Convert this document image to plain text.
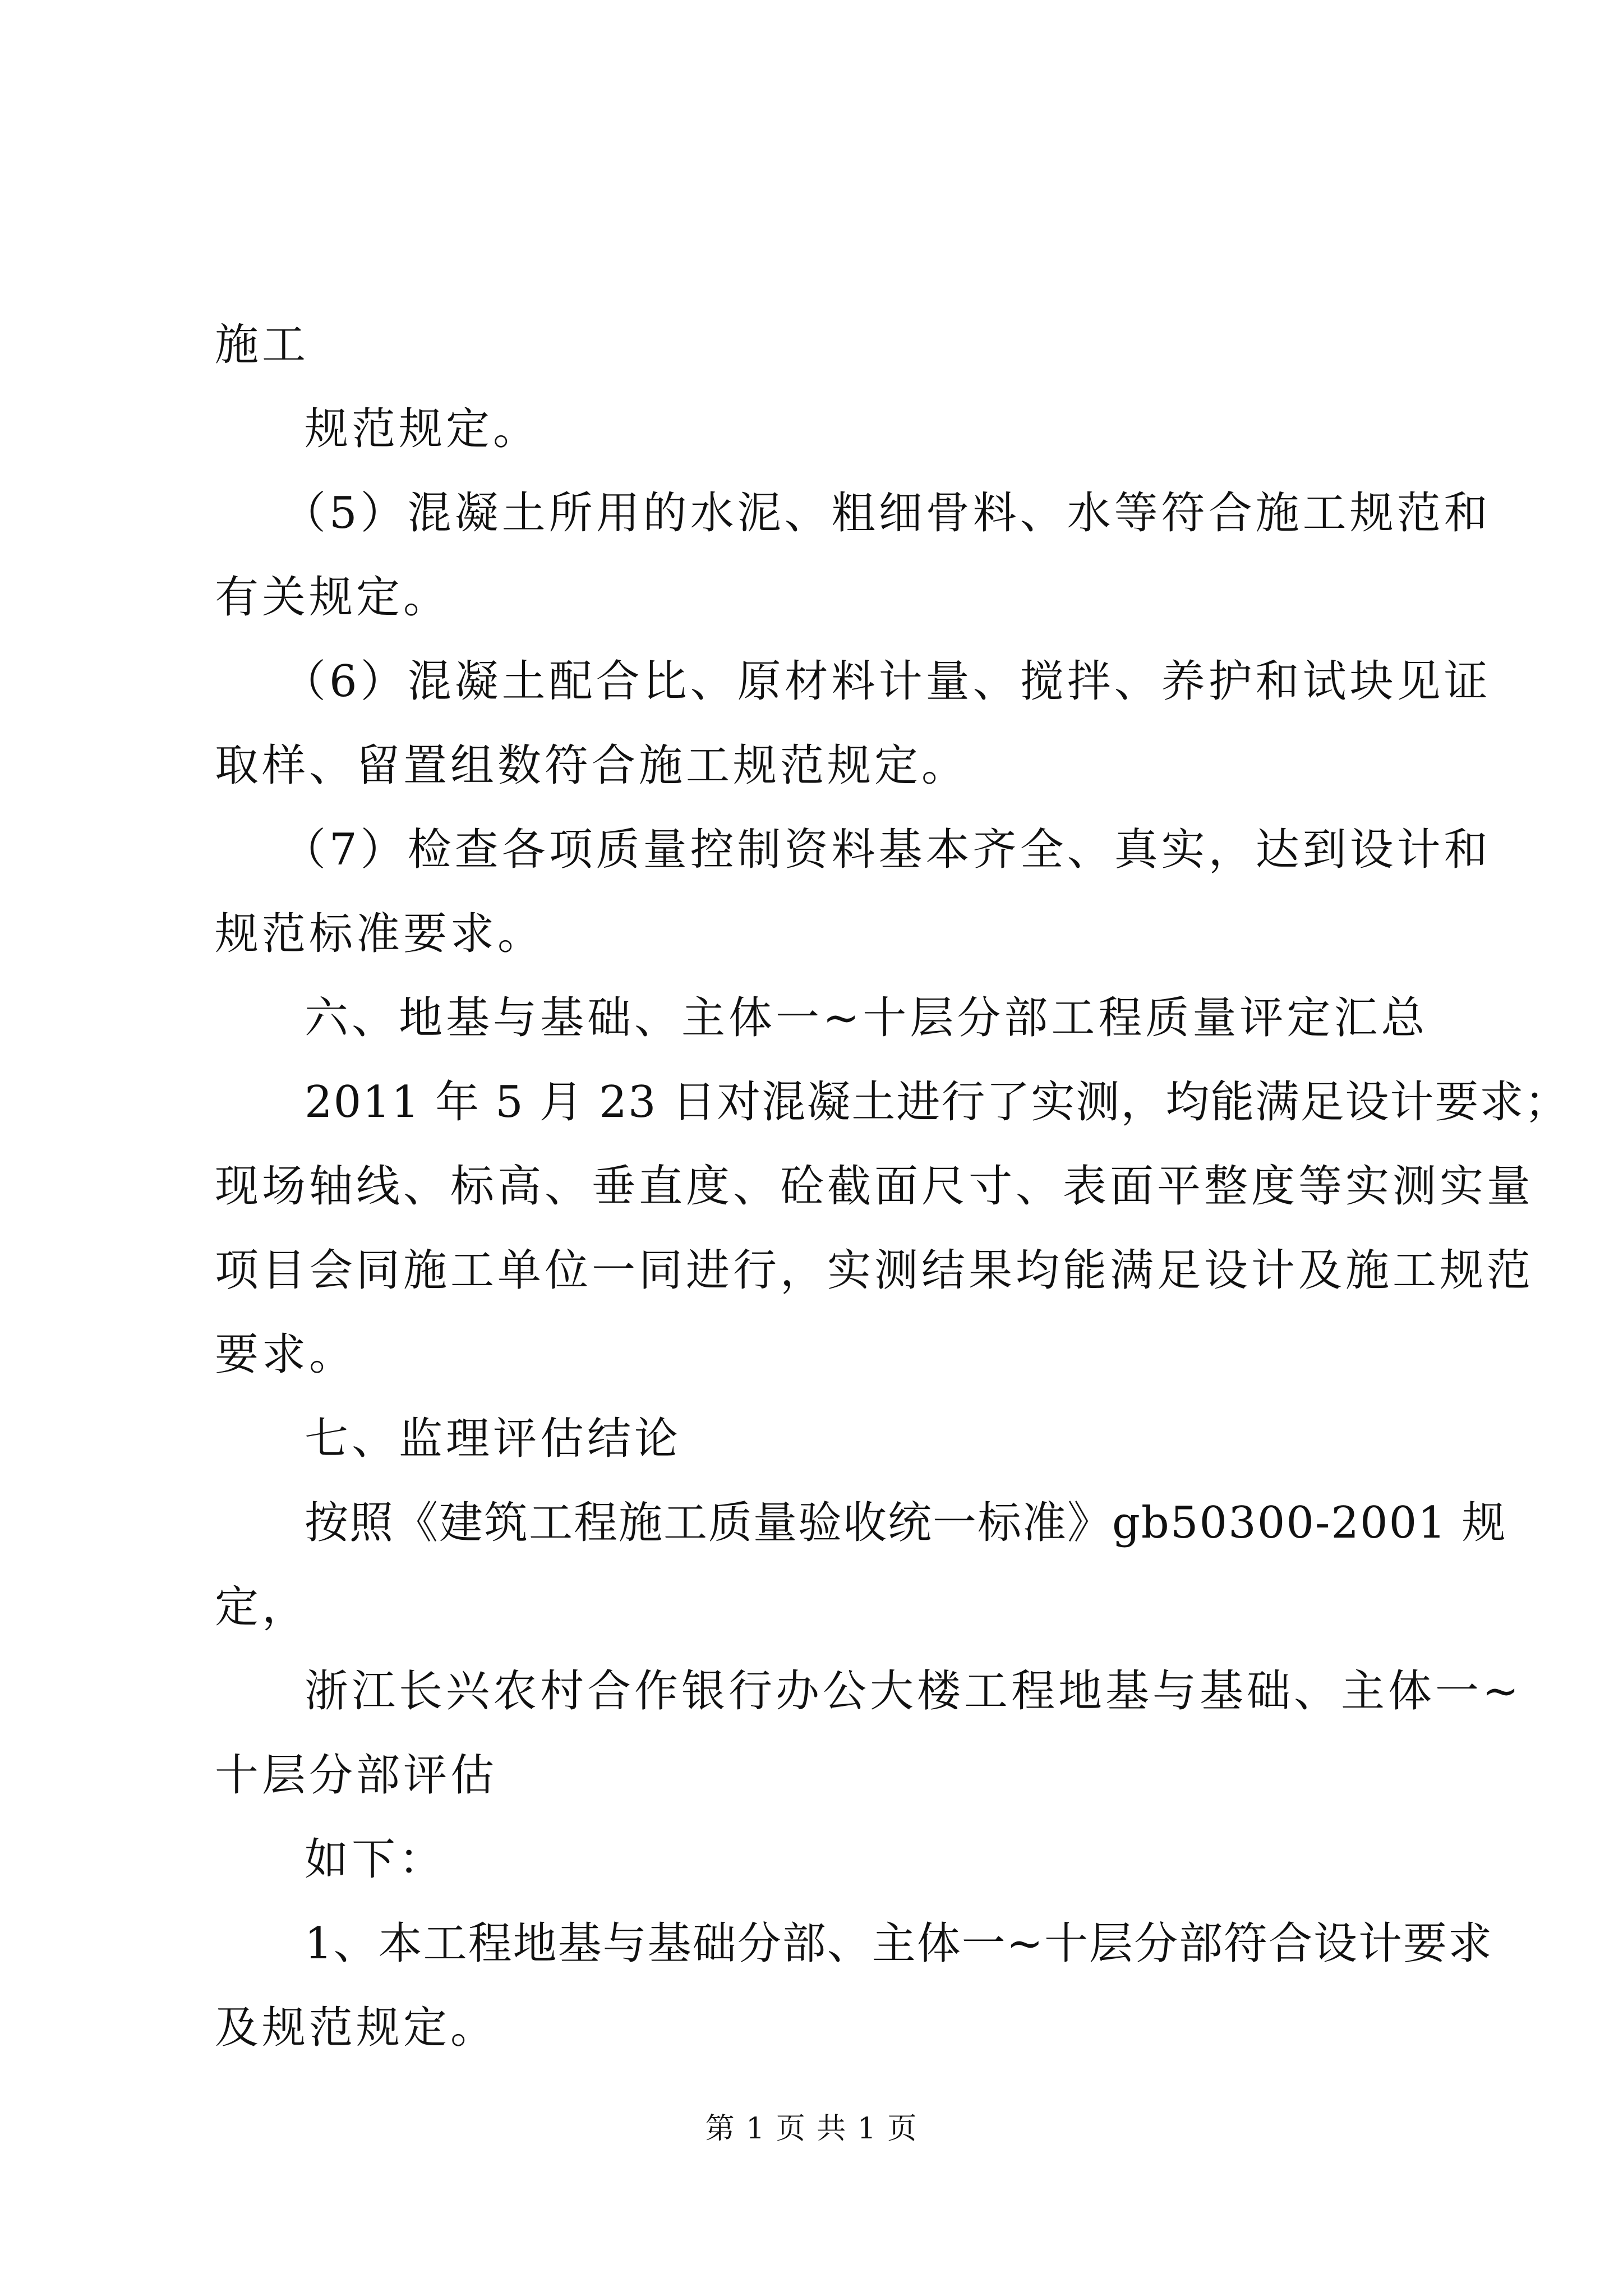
施工
规范规定。
（5）混凝土所用的水泥、粗细骨料、水等符合施工规范和
有关规定。
（6）混凝土配合比、原材料计量、搅拌、养护和试块见证
取样、留置组数符合施工规范规定。
（7）检查各项质量控制资料基本齐全、真实，达到设计和
规范标准要求。
六、地基与基础、主体一~十层分部工程质量评定汇总
2011 年 5 月 23 日对混凝土进行了实测，均能满足设计要求；
现场轴线、标高、垂直度、砼截面尺寸、表面平整度等实测实量
项目会同施工单位一同进行，实测结果均能满足设计及施工规范
要求。
七、监理评估结论
按照《建筑工程施工质量验收统一标准》gb50300-2001 规
定，
浙江长兴农村合作银行办公大楼工程地基与基础、主体一~
十层分部评估
如下：
1、本工程地基与基础分部、主体一~十层分部符合设计要求
及规范规定。
第 1 页 共 1 页
